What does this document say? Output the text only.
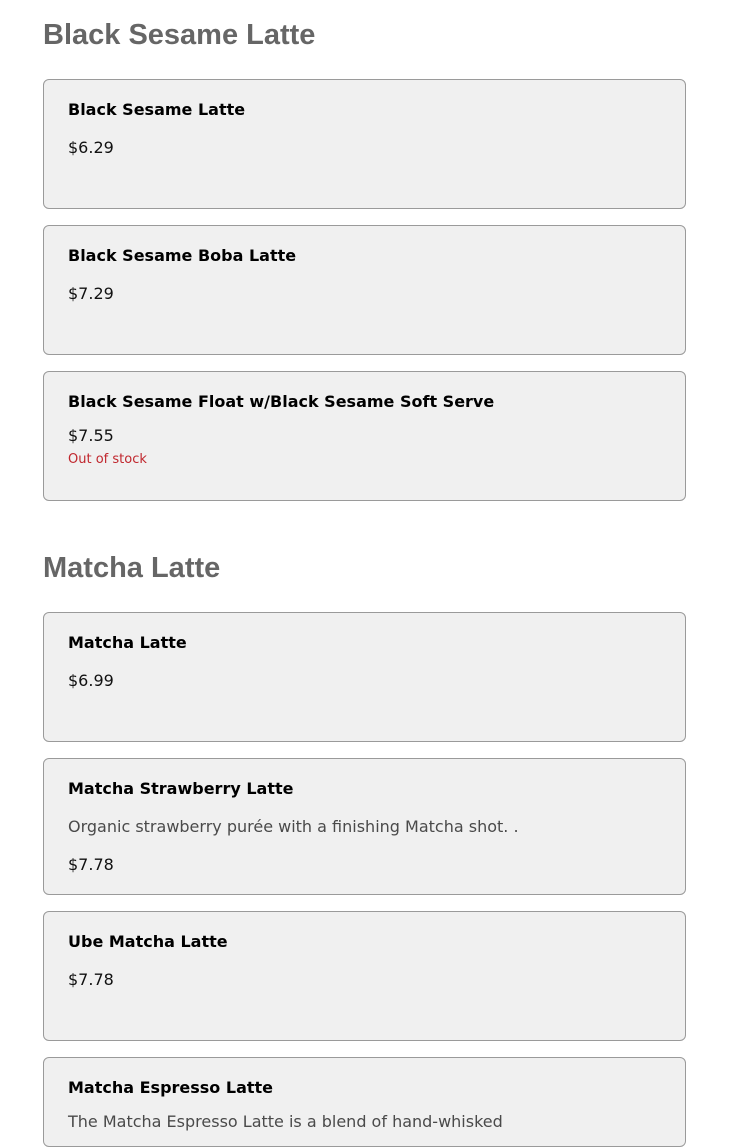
Black Sesame Latte
Black Sesame Latte
$6.29
Black Sesame Boba Latte
$7.29
Black Sesame Float w/Black Sesame Soft Serve
$7.55
Out of stock
Matcha Latte
Matcha Latte
$6.99
Matcha Strawberry Latte
Organic strawberry purée with a finishing Matcha shot. .
$7.78
Ube Matcha Latte
$7.78
Matcha Espresso Latte
The Matcha Espresso Latte is a blend of hand-whisked
